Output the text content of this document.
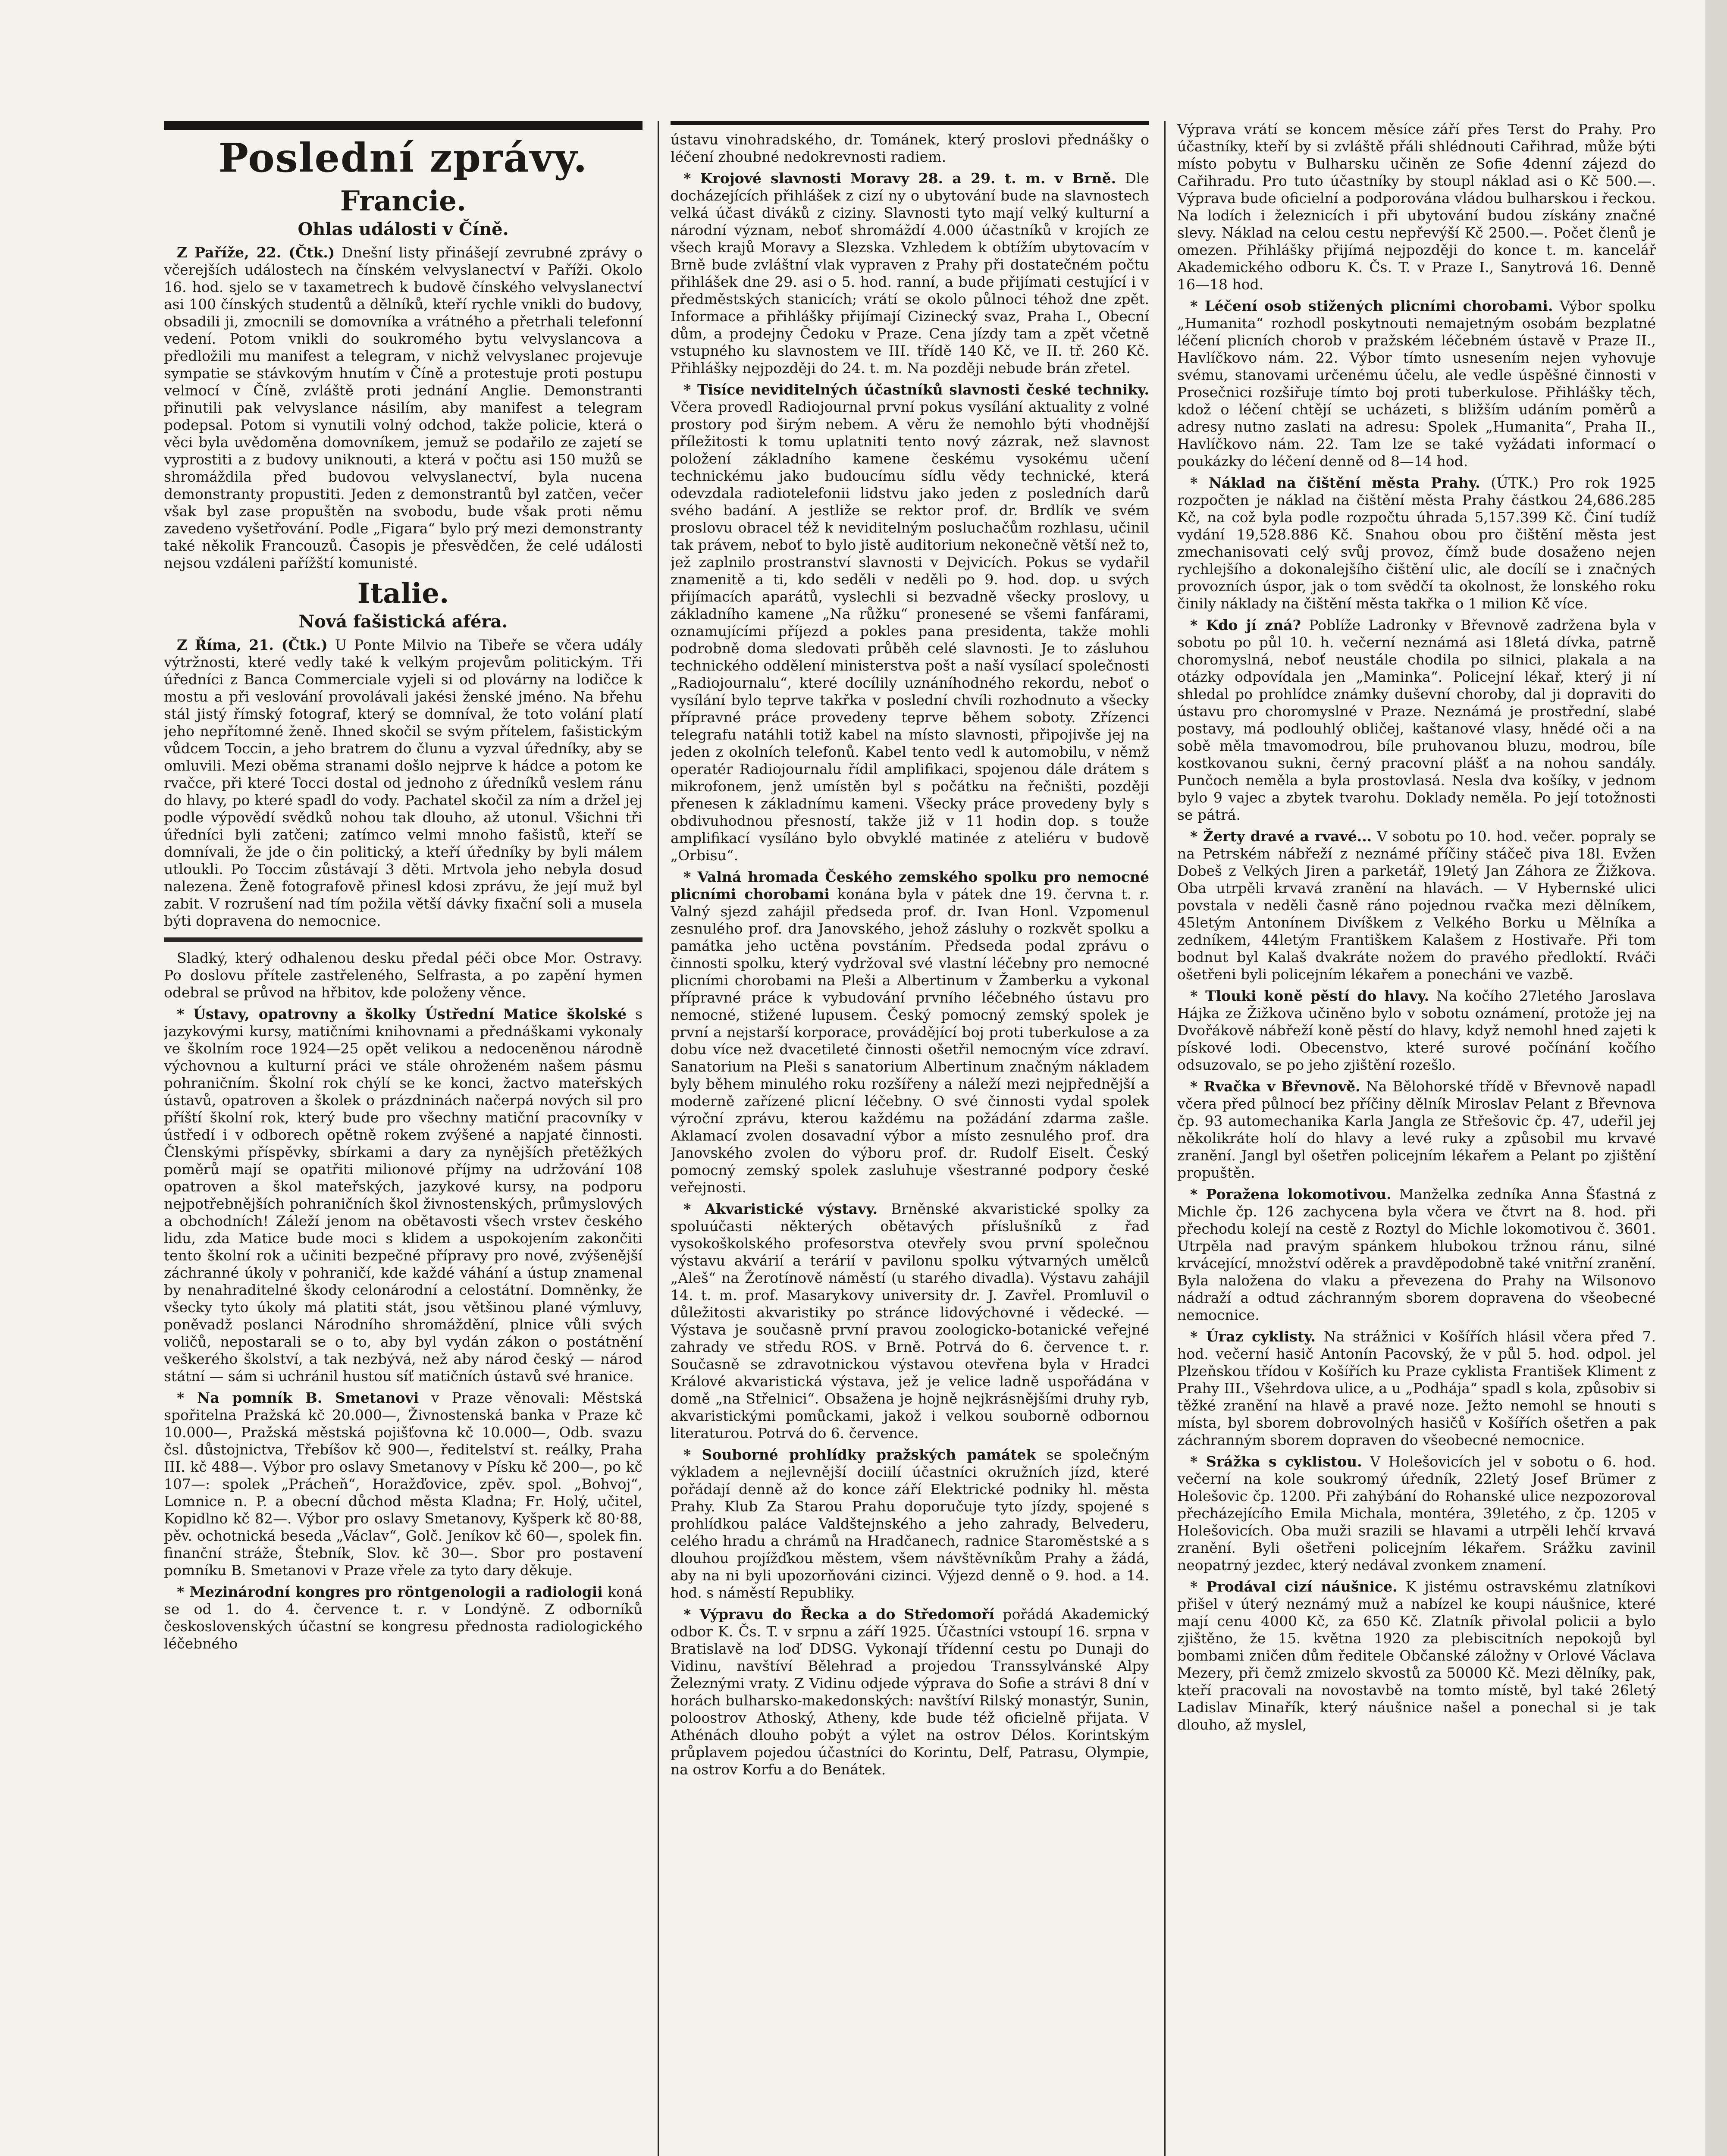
Poslední zprávy.
Francie.
Ohlas události v Číně.

Z Paříže, 22. (Čtk.) Dnešní listy přinášejí zevrubné zprávy o včerejších událostech na čínském velvyslanectví v Paříži. Okolo 16. hod. sjelo se v taxametrech k budově čínského velvyslanectví asi 100 čínských studentů a dělníků, kteří rychle vnikli do budovy, obsadili ji, zmocnili se domovníka a vrátného a přetrhali telefonní vedení. Potom vnikli do soukromého bytu velvyslancova a předložili mu manifest a telegram, v nichž velvyslanec projevuje sympatie se stávkovým hnutím v Číně a protestuje proti postupu velmocí v Číně, zvláště proti jednání Anglie. Demonstranti přinutili pak velvyslance násilím, aby manifest a telegram podepsal. Potom si vynutili volný odchod, takže policie, která o věci byla uvědoměna domovníkem, jemuž se podařilo ze zajetí se vyprostiti a z budovy uniknouti, a která v počtu asi 150 mužů se shromáždila před budovou velvyslanectví, byla nucena demonstranty propustiti. Jeden z demonstrantů byl zatčen, večer však byl zase propuštěn na svobodu, bude však proti němu zavedeno vyšetřování. Podle „Figara“ bylo prý mezi demonstranty také několik Francouzů. Časopis je přesvědčen, že celé události nejsou vzdáleni pařížští komunisté.

Italie.
Nová fašistická aféra.

Z Říma, 21. (Čtk.) U Ponte Milvio na Tibeře se včera udály výtržnosti, které vedly také k velkým projevům politickým. Tři úředníci z Banca Commerciale vyjeli si od plovárny na lodičce k mostu a při veslování provolávali jakési ženské jméno. Na břehu stál jistý římský fotograf, který se domníval, že toto volání platí jeho nepřítomné ženě. Ihned skočil se svým přítelem, fašistickým vůdcem Toccin, a jeho bratrem do člunu a vyzval úředníky, aby se omluvili. Mezi oběma stranami došlo nejprve k hádce a potom ke rvačce, při které Tocci dostal od jednoho z úředníků veslem ránu do hlavy, po které spadl do vody. Pachatel skočil za ním a držel jej podle výpovědí svědků nohou tak dlouho, až utonul. Všichni tři úředníci byli zatčeni; zatímco velmi mnoho fašistů, kteří se domnívali, že jde o čin politický, a kteří úředníky by byli málem utloukli. Po Toccim zůstávají 3 děti. Mrtvola jeho nebyla dosud nalezena. Ženě fotografově přinesl kdosi zprávu, že její muž byl zabit. V rozrušení nad tím požila větší dávky fixační soli a musela býti dopravena do nemocnice.

Sladký, který odhalenou desku předal péči obce Mor. Ostravy. Po doslovu přítele zastřeleného, Selfrasta, a po zapění hymen odebral se průvod na hřbitov, kde položeny věnce.

* Ústavy, opatrovny a školky Ústřední Matice školské s jazykovými kursy, matičními knihovnami a přednáškami vykonaly ve školním roce 1924—25 opět velikou a nedoceněnou národně výchovnou a kulturní práci ve stále ohroženém našem pásmu pohraničním. Školní rok chýlí se ke konci, žactvo mateřských ústavů, opatroven a školek o prázdninách načerpá nových sil pro příští školní rok, který bude pro všechny matiční pracovníky v ústředí i v odborech opětně rokem zvýšené a napjaté činnosti. Členskými příspěvky, sbírkami a dary za nynějších přetěžkých poměrů mají se opatřiti milionové příjmy na udržování 108 opatroven a škol mateřských, jazykové kursy, na podporu nejpotřebnějších pohraničních škol živnostenských, průmyslových a obchodních! Záleží jenom na obětavosti všech vrstev českého lidu, zda Matice bude moci s klidem a uspokojením zakončiti tento školní rok a učiniti bezpečné přípravy pro nové, zvýšenější záchranné úkoly v pohraničí, kde každé váhání a ústup znamenal by nenahraditelné škody celonárodní a celostátní. Domněnky, že všecky tyto úkoly má platiti stát, jsou většinou plané výmluvy, poněvadž poslanci Národního shromáždění, plnice vůli svých voličů, nepostarali se o to, aby byl vydán zákon o postátnění veškerého školství, a tak nezbývá, než aby národ český — národ státní — sám si uchránil hustou síť matičních ústavů své hranice.

* Na pomník B. Smetanovi v Praze věnovali: Městská spořitelna Pražská kč 20.000—, Živnostenská banka v Praze kč 10.000—, Pražská městská pojišťovna kč 10.000—, Odb. svazu čsl. důstojnictva, Třebíšov kč 900—, ředitelství st. reálky, Praha III. kč 488—. Výbor pro oslavy Smetanovy v Písku kč 200—, po kč 107—: spolek „Prácheň“, Horažďovice, zpěv. spol. „Bohvoj“, Lomnice n. P. a obecní důchod města Kladna; Fr. Holý, učitel, Kopidlno kč 82—. Výbor pro oslavy Smetanovy, Kyšperk kč 80·88, pěv. ochotnická beseda „Václav“, Golč. Jeníkov kč 60—, spolek fin. finanční stráže, Štebník, Slov. kč 30—. Sbor pro postavení pomníku B. Smetanovi v Praze vřele za tyto dary děkuje.

* Mezinárodní kongres pro röntgenologii a radiologii koná se od 1. do 4. července t. r. v Londýně. Z odborníků československých účastní se kongresu přednosta radiologického léčebného

ústavu vinohradského, dr. Tománek, který proslovi přednášky o léčení zhoubné nedokrevnosti radiem.

* Krojové slavnosti Moravy 28. a 29. t. m. v Brně. Dle docházejících přihlášek z cizí ny o ubytování bude na slavnostech velká účast diváků z ciziny. Slavnosti tyto mají velký kulturní a národní význam, neboť shromáždí 4.000 účastníků v krojích ze všech krajů Moravy a Slezska. Vzhledem k obtížím ubytovacím v Brně bude zvláštní vlak vypraven z Prahy při dostatečném počtu přihlášek dne 29. asi o 5. hod. ranní, a bude přijímati cestující i v předměstských stanicích; vrátí se okolo půlnoci téhož dne zpět. Informace a přihlášky přijímají Cizinecký svaz, Praha I., Obecní dům, a prodejny Čedoku v Praze. Cena jízdy tam a zpět včetně vstupného ku slavnostem ve III. třídě 140 Kč, ve II. tř. 260 Kč. Přihlášky nejpozději do 24. t. m. Na později nebude brán zřetel.

* Tisíce neviditelných účastníků slavnosti české techniky. Včera provedl Radiojournal první pokus vysílání aktuality z volné prostory pod širým nebem. A věru že nemohlo býti vhodnější příležitosti k tomu uplatniti tento nový zázrak, než slavnost položení základního kamene českému vysokému učení technickému jako budoucímu sídlu vědy technické, která odevzdala radiotelefonii lidstvu jako jeden z posledních darů svého badání. A jestliže se rektor prof. dr. Brdlík ve svém proslovu obracel též k neviditelným posluchačům rozhlasu, učinil tak právem, neboť to bylo jistě auditorium nekonečně větší než to, jež zaplnilo prostranství slavnosti v Dejvicích. Pokus se vydařil znamenitě a ti, kdo seděli v neděli po 9. hod. dop. u svých přijímacích aparátů, vyslechli si bezvadně všecky proslovy, u základního kamene „Na růžku“ pronesené se všemi fanfárami, oznamujícími příjezd a pokles pana presidenta, takže mohli podrobně doma sledovati průběh celé slavnosti. Je to zásluhou technického oddělení ministerstva pošt a naší vysílací společnosti „Radiojournalu“, které docílily uznáníhodného rekordu, neboť o vysílání bylo teprve takřka v poslední chvíli rozhodnuto a všecky přípravné práce provedeny teprve během soboty. Zřízenci telegrafu natáhli totiž kabel na místo slavnosti, připojivše jej na jeden z okolních telefonů. Kabel tento vedl k automobilu, v němž operatér Radiojournalu řídil amplifikaci, spojenou dále drátem s mikrofonem, jenž umístěn byl s počátku na řečništi, později přenesen k základnímu kameni. Všecky práce provedeny byly s obdivuhodnou přesností, takže již v 11 hodin dop. s touže amplifikací vysíláno bylo obvyklé matinée z ateliéru v budově „Orbisu“.

* Valná hromada Českého zemského spolku pro nemocné plicními chorobami konána byla v pátek dne 19. června t. r. Valný sjezd zahájil předseda prof. dr. Ivan Honl. Vzpomenul zesnulého prof. dra Janovského, jehož zásluhy o rozkvět spolku a památka jeho uctěna povstáním. Předseda podal zprávu o činnosti spolku, který vydržoval své vlastní léčebny pro nemocné plicními chorobami na Pleši a Albertinum v Žamberku a vykonal přípravné práce k vybudování prvního léčebného ústavu pro nemocné, stižené lupusem. Český pomocný zemský spolek je první a nejstarší korporace, provádějící boj proti tuberkulose a za dobu více než dvacetileté činnosti ošetřil nemocným více zdraví. Sanatorium na Pleši s sanatorium Albertinum značným nákladem byly během minulého roku rozšířeny a náleží mezi nejpřednější a moderně zařízené plicní léčebny. O své činnosti vydal spolek výroční zprávu, kterou každému na požádání zdarma zašle. Aklamací zvolen dosavadní výbor a místo zesnulého prof. dra Janovského zvolen do výboru prof. dr. Rudolf Eiselt. Český pomocný zemský spolek zasluhuje všestranné podpory české veřejnosti.

* Akvaristické výstavy. Brněnské akvaristické spolky za spoluúčasti některých obětavých příslušníků z řad vysokoškolského profesorstva otevřely svou první společnou výstavu akvárií a terárií v pavilonu spolku výtvarných umělců „Aleš“ na Žerotínově náměstí (u starého divadla). Výstavu zahájil 14. t. m. prof. Masarykovy university dr. J. Zavřel. Promluvil o důležitosti akvaristiky po stránce lidovýchovné i vědecké. — Výstava je současně první pravou zoologicko-botanické veřejné zahrady ve středu ROS. v Brně. Potrvá do 6. července t. r. Současně se zdravotnickou výstavou otevřena byla v Hradci Králové akvaristická výstava, jež je velice ladně uspořádána v domě „na Střelnici“. Obsažena je hojně nejkrásnějšími druhy ryb, akvaristickými pomůckami, jakož i velkou souborně odbornou literaturou. Potrvá do 6. července.

* Souborné prohlídky pražských památek se společným výkladem a nejlevnější dociilí účastníci okružních jízd, které pořádají denně až do konce září Elektrické podniky hl. města Prahy. Klub Za Starou Prahu doporučuje tyto jízdy, spojené s prohlídkou paláce Valdštejnského a jeho zahrady, Belvederu, celého hradu a chrámů na Hradčanech, radnice Staroměstské a s dlouhou projížďkou městem, všem návštěvníkům Prahy a žádá, aby na ni byli upozorňováni cizinci. Výjezd denně o 9. hod. a 14. hod. s náměstí Republiky.

* Výpravu do Řecka a do Středomoří pořádá Akademický odbor K. Čs. T. v srpnu a září 1925. Účastníci vstoupí 16. srpna v Bratislavě na loď DDSG. Vykonají třídenní cestu po Dunaji do Vidinu, navštíví Bělehrad a projedou Transsylvánské Alpy Železnými vraty. Z Vidinu odjede výprava do Sofie a strávi 8 dní v horách bulharsko-makedonských: navštíví Rilský monastýr, Sunin, poloostrov Athoský, Atheny, kde bude též oficielně přijata. V Athénách dlouho pobýt a výlet na ostrov Délos. Korintským průplavem pojedou účastníci do Korintu, Delf, Patrasu, Olympie, na ostrov Korfu a do Benátek.

Výprava vrátí se koncem měsíce září přes Terst do Prahy. Pro účastníky, kteří by si zvláště přáli shlédnouti Cařihrad, může býti místo pobytu v Bulharsku učiněn ze Sofie 4denní zájezd do Cařihradu. Pro tuto účastníky by stoupl náklad asi o Kč 500.—. Výprava bude oficielní a podporována vládou bulharskou i řeckou. Na lodích i železnicích i při ubytování budou získány značné slevy. Náklad na celou cestu nepřevýší Kč 2500.—. Počet členů je omezen. Přihlášky přijímá nejpozději do konce t. m. kancelář Akademického odboru K. Čs. T. v Praze I., Sanytrová 16. Denně 16—18 hod.

* Léčení osob stižených plicními chorobami. Výbor spolku „Humanita“ rozhodl poskytnouti nemajetným osobám bezplatné léčení plicních chorob v pražském léčebném ústavě v Praze II., Havlíčkovo nám. 22. Výbor tímto usnesením nejen vyhovuje svému, stanovami určenému účelu, ale vedle úspěšné činnosti v Prosečnici rozšiřuje tímto boj proti tuberkulose. Přihlášky těch, kdož o léčení chtějí se ucházeti, s bližším udáním poměrů a adresy nutno zaslati na adresu: Spolek „Humanita“, Praha II., Havlíčkovo nám. 22. Tam lze se také vyžádati informací o poukázky do léčení denně od 8—14 hod.

* Náklad na čištění města Prahy. (ÚTK.) Pro rok 1925 rozpočten je náklad na čištění města Prahy částkou 24,686.285 Kč, na což byla podle rozpočtu úhrada 5,157.399 Kč. Činí tudíž vydání 19,528.886 Kč. Snahou obou pro čištění města jest zmechanisovati celý svůj provoz, čímž bude dosaženo nejen rychlejšího a dokonalejšího čištění ulic, ale docílí se i značných provozních úspor, jak o tom svědčí ta okolnost, že lonského roku činily náklady na čištění města takřka o 1 milion Kč více.

* Kdo jí zná? Poblíže Ladronky v Břevnově zadržena byla v sobotu po půl 10. h. večerní neznámá asi 18letá dívka, patrně choromyslná, neboť neustále chodila po silnici, plakala a na otázky odpovídala jen „Maminka“. Policejní lékař, který ji ní shledal po prohlídce známky duševní choroby, dal ji dopraviti do ústavu pro choromyslné v Praze. Neznámá je prostřední, slabé postavy, má podlouhlý obličej, kaštanové vlasy, hnědé oči a na sobě měla tmavomodrou, bíle pruhovanou bluzu, modrou, bíle kostkovanou sukni, černý pracovní plášť a na nohou sandály. Punčoch neměla a byla prostovlasá. Nesla dva košíky, v jednom bylo 9 vajec a zbytek tvarohu. Doklady neměla. Po její totožnosti se pátrá.

* Žerty dravé a rvavé... V sobotu po 10. hod. večer. popraly se na Petrském nábřeží z neznámé příčiny stáčeč piva 18l. Evžen Dobeš z Velkých Jiren a parketář, 19letý Jan Záhora ze Žižkova. Oba utrpěli krvavá zranění na hlavách. — V Hybernské ulici povstala v neděli časně ráno pojednou rvačka mezi dělníkem, 45letým Antonínem Divíškem z Velkého Borku u Mělníka a zedníkem, 44letým Františkem Kalašem z Hostivaře. Při tom bodnut byl Kalaš dvakráte nožem do pravého předloktí. Rváči ošetřeni byli policejním lékařem a ponecháni ve vazbě.

* Tlouki koně pěstí do hlavy. Na kočího 27letého Jaroslava Hájka ze Žižkova učiněno bylo v sobotu oznámení, protože jej na Dvořákově nábřeží koně pěstí do hlavy, když nemohl hned zajeti k pískové lodi. Obecenstvo, které surové počínání kočího odsuzovalo, se po jeho zjištění rozešlo.

* Rvačka v Břevnově. Na Bělohorské třídě v Břevnově napadl včera před půlnocí bez příčiny dělník Miroslav Pelant z Břevnova čp. 93 automechanika Karla Jangla ze Střešovic čp. 47, udeřil jej několikráte holí do hlavy a levé ruky a způsobil mu krvavé zranění. Jangl byl ošetřen policejním lékařem a Pelant po zjištění propuštěn.

* Poražena lokomotivou. Manželka zedníka Anna Šťastná z Michle čp. 126 zachycena byla včera ve čtvrt na 8. hod. při přechodu kolejí na cestě z Roztyl do Michle lokomotivou č. 3601. Utrpěla nad pravým spánkem hlubokou tržnou ránu, silné krvácející, množství oděrek a pravděpodobně také vnitřní zranění. Byla naložena do vlaku a převezena do Prahy na Wilsonovo nádraží a odtud záchranným sborem dopravena do všeobecné nemocnice.

* Úraz cyklisty. Na strážnici v Košířích hlásil včera před 7. hod. večerní hasič Antonín Pacovský, že v půl 5. hod. odpol. jel Plzeňskou třídou v Košířích ku Praze cyklista František Kliment z Prahy III., Všehrdova ulice, a u „Podhája“ spadl s kola, způsobiv si těžké zranění na hlavě a pravé noze. Ježto nemohl se hnouti s místa, byl sborem dobrovolných hasičů v Košířích ošetřen a pak záchranným sborem dopraven do všeobecné nemocnice.

* Srážka s cyklistou. V Holešovicích jel v sobotu o 6. hod. večerní na kole soukromý úředník, 22letý Josef Brümer z Holešovic čp. 1200. Při zahýbání do Rohanské ulice nezpozoroval přecházejícího Emila Michala, montéra, 39letého, z čp. 1205 v Holešovicích. Oba muži srazili se hlavami a utrpěli lehčí krvavá zranění. Byli ošetřeni policejním lékařem. Srážku zavinil neopatrný jezdec, který nedával zvonkem znamení.

* Prodával cizí náušnice. K jistému ostravskému zlatníkovi přišel v úterý neznámý muž a nabízel ke koupi náušnice, které mají cenu 4000 Kč, za 650 Kč. Zlatník přivolal policii a bylo zjištěno, že 15. května 1920 za plebiscitních nepokojů byl bombami zničen dům ředitele Občanské záložny v Orlové Václava Mezery, při čemž zmizelo skvostů za 50000 Kč. Mezi dělníky, pak, kteří pracovali na novostavbě na tomto místě, byl také 26letý Ladislav Minařík, který náušnice našel a ponechal si je tak dlouho, až myslel,
